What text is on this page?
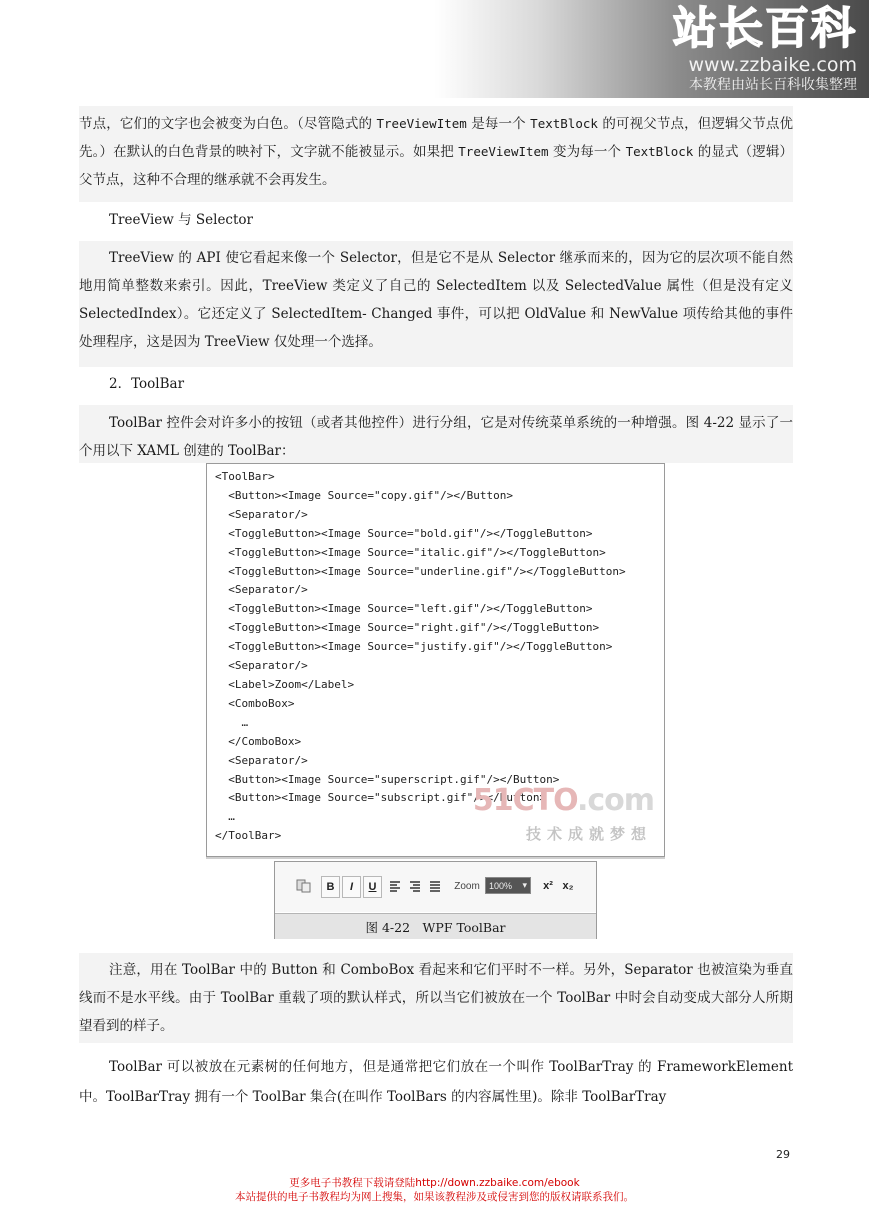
站长百科
www.zzbaike.com
本教程由站长百科收集整理

节点，它们的文字也会被变为白色。（尽管隐式的 TreeViewItem 是每一个 TextBlock 的可视父节点，但逻辑父节点优先。）在默认的白色背景的映衬下，文字就不能被显示。如果把 TreeViewItem 变为每一个 TextBlock 的显式（逻辑）父节点，这种不合理的继承就不会再发生。

TreeView 与 Selector

TreeView 的 API 使它看起来像一个 Selector，但是它不是从 Selector 继承而来的，因为它的层次项不能自然地用简单整数来索引。因此，TreeView 类定义了自己的 SelectedItem 以及 SelectedValue 属性（但是没有定义 SelectedIndex）。它还定义了 SelectedItem- Changed 事件，可以把 OldValue 和 NewValue 项传给其他的事件处理程序，这是因为 TreeView 仅处理一个选择。

2．ToolBar

ToolBar 控件会对许多小的按钮（或者其他控件）进行分组，它是对传统菜单系统的一种增强。图 4-22 显示了一个用以下 XAML 创建的 ToolBar：

<ToolBar>
<Button><Image Source="copy.gif"/></Button>
<Separator/>
<ToggleButton><Image Source="bold.gif"/></ToggleButton>
<ToggleButton><Image Source="italic.gif"/></ToggleButton>
<ToggleButton><Image Source="underline.gif"/></ToggleButton>
<Separator/>
<ToggleButton><Image Source="left.gif"/></ToggleButton>
<ToggleButton><Image Source="right.gif"/></ToggleButton>
<ToggleButton><Image Source="justify.gif"/></ToggleButton>
<Separator/>
<Label>Zoom</Label>
<ComboBox>
…
</ComboBox>
<Separator/>
<Button><Image Source="superscript.gif"/></Button>
<Button><Image Source="subscript.gif"/></Button>
…
</ToolBar>
51CTO.com
技术成就梦想
B	I	U	Zoom	100% ▾	x² x₂
图 4-22　WPF ToolBar

注意，用在 ToolBar 中的 Button 和 ComboBox 看起来和它们平时不一样。另外，Separator 也被渲染为垂直线而不是水平线。由于 ToolBar 重载了项的默认样式，所以当它们被放在一个 ToolBar 中时会自动变成大部分人所期望看到的样子。

ToolBar 可以被放在元素树的任何地方，但是通常把它们放在一个叫作 ToolBarTray 的 FrameworkElement 中。ToolBarTray 拥有一个 ToolBar 集合(在叫作 ToolBars 的内容属性里)。除非 ToolBarTray

29
更多电子书教程下载请登陆http://down.zzbaike.com/ebook
本站提供的电子书教程均为网上搜集，如果该教程涉及或侵害到您的版权请联系我们。
